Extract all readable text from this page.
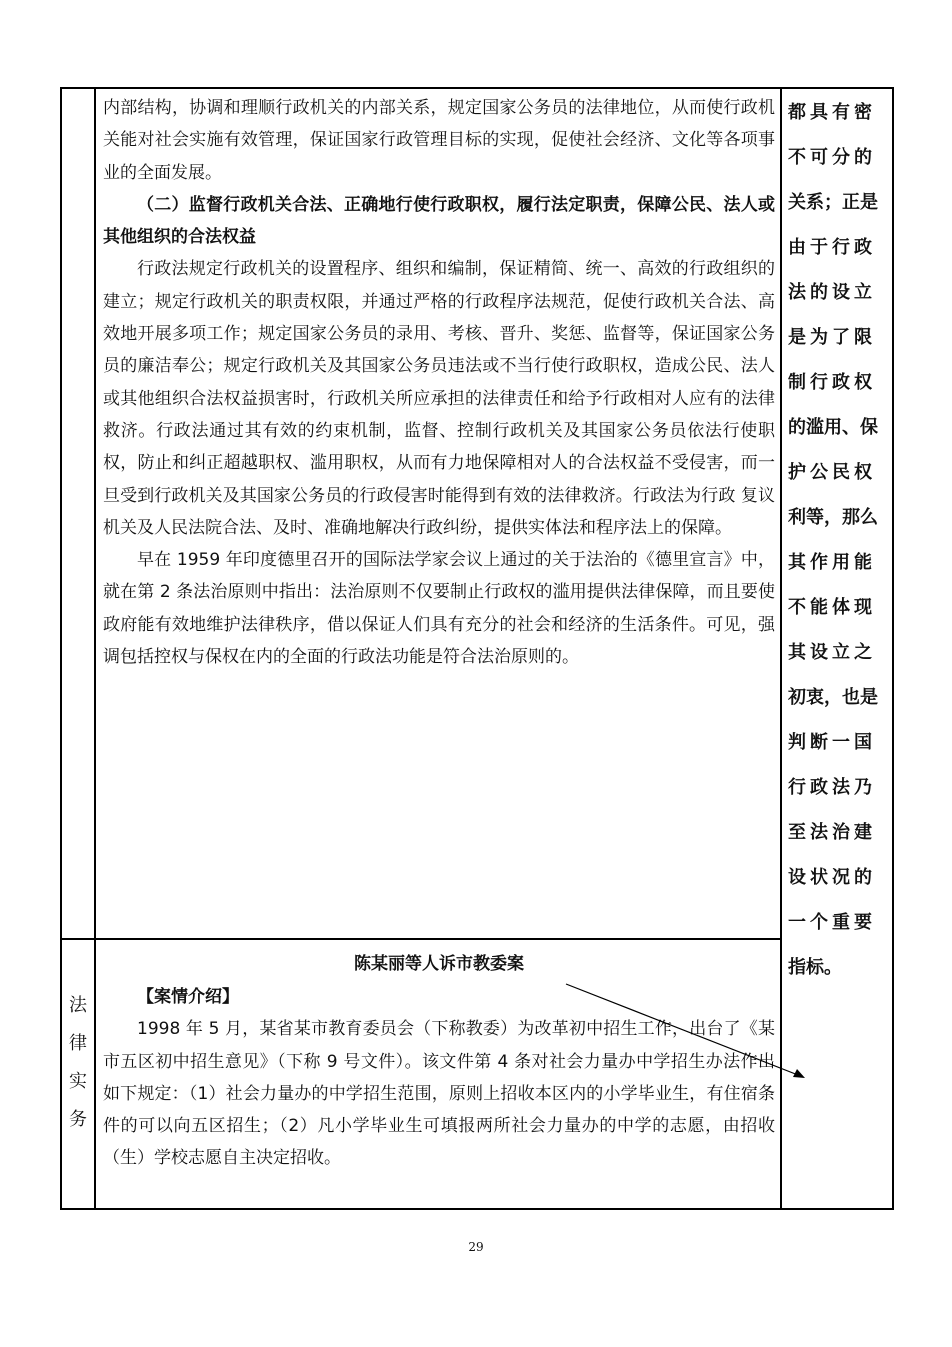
内部结构，协调和理顺行政机关的内部关系，规定国家公务员的法律地位，从而使行政机关能对社会实施有效管理，保证国家行政管理目标的实现，促使社会经济、文化等各项事业的全面发展。

（二）监督行政机关合法、正确地行使行政职权，履行法定职责，保障公民、法人或其他组织的合法权益

行政法规定行政机关的设置程序、组织和编制，保证精简、统一、高效的行政组织的建立；规定行政机关的职责权限，并通过严格的行政程序法规范，促使行政机关合法、高效地开展多项工作；规定国家公务员的录用、考核、晋升、奖惩、监督等，保证国家公务员的廉洁奉公；规定行政机关及其国家公务员违法或不当行使行政职权，造成公民、法人或其他组织合法权益损害时，行政机关所应承担的法律责任和给予行政相对人应有的法律救济。行政法通过其有效的约束机制，监督、控制行政机关及其国家公务员依法行使职权，防止和纠正超越职权、滥用职权，从而有力地保障相对人的合法权益不受侵害，而一旦受到行政机关及其国家公务员的行政侵害时能得到有效的法律救济。行政法为行政 复议机关及人民法院合法、及时、准确地解决行政纠纷，提供实体法和程序法上的保障。

早在 1959 年印度德里召开的国际法学家会议上通过的关于法治的《德里宣言》中，就在第 2 条法治原则中指出：法治原则不仅要制止行政权的滥用提供法律保障，而且要使政府能有效地维护法律秩序，借以保证人们具有充分的社会和经济的生活条件。可见，强调包括控权与保权在内的全面的行政法功能是符合法治原则的。

都具有密
不可分的
关系；正是
由于行政
法的设立
是为了限
制行政权
的滥用、保
护公民权
利等，那么
其作用能
不能体现
其设立之
初衷，也是
判断一国
行政法乃
至法治建
设状况的
一个重要
指标。
法
律
实
务
陈某丽等人诉市教委案

【案情介绍】

1998 年 5 月，某省某市教育委员会（下称教委）为改革初中招生工作，出台了《某市五区初中招生意见》（下称 9 号文件）。该文件第 4 条对社会力量办中学招生办法作出如下规定：（1）社会力量办的中学招生范围，原则上招收本区内的小学毕业生，有住宿条件的可以向五区招生；（2）凡小学毕业生可填报两所社会力量办的中学的志愿，由招收（生）学校志愿自主决定招收。

29
